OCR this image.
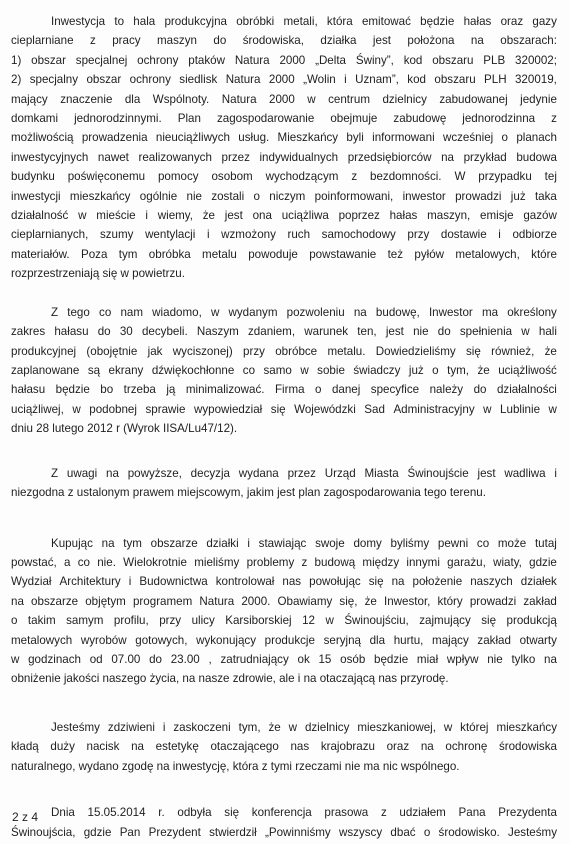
Inwestycja to hala produkcyjna obróbki metali, która emitować będzie hałas oraz gazy
cieplarniane z pracy maszyn do środowiska, działka jest położona na obszarach:
1) obszar specjalnej ochrony ptaków Natura 2000 „Delta Świny”, kod obszaru PLB 320002;
2) specjalny obszar ochrony siedlisk Natura 2000 „Wolin i Uznam”, kod obszaru PLH 320019,
mający znaczenie dla Wspólnoty. Natura 2000 w centrum dzielnicy zabudowanej jedynie
domkami jednorodzinnymi. Plan zagospodarowanie obejmuje zabudowę jednorodzinna z
możliwością prowadzenia nieuciążliwych usług. Mieszkańcy byli informowani wcześniej o planach
inwestycyjnych nawet realizowanych przez indywidualnych przedsiębiorców na przykład budowa
budynku poświęconemu pomocy osobom wychodzącym z bezdomności. W przypadku tej
inwestycji mieszkańcy ogólnie nie zostali o niczym poinformowani, inwestor prowadzi już taka
działalność w mieście i wiemy, że jest ona uciążliwa poprzez hałas maszyn, emisje gazów
cieplarnianych, szumy wentylacji i wzmożony ruch samochodowy przy dostawie i odbiorze
materiałów. Poza tym obróbka metalu powoduje powstawanie też pyłów metalowych, które
rozprzestrzeniają się w powietrzu.
Z tego co nam wiadomo, w wydanym pozwoleniu na budowę, Inwestor ma określony
zakres hałasu do 30 decybeli. Naszym zdaniem, warunek ten, jest nie do spełnienia w hali
produkcyjnej (obojętnie jak wyciszonej) przy obróbce metalu. Dowiedzieliśmy się również, że
zaplanowane są ekrany dźwiękochłonne co samo w sobie świadczy już o tym, że uciążliwość
hałasu będzie bo trzeba ją minimalizować. Firma o danej specyfice należy do działalności
uciążliwej, w podobnej sprawie wypowiedział się Wojewódzki Sad Administracyjny w Lublinie w
dniu 28 lutego 2012 r (Wyrok IISA/Lu47/12).
Z uwagi na powyższe, decyzja wydana przez Urząd Miasta Świnoujście jest wadliwa i
niezgodna z ustalonym prawem miejscowym, jakim jest plan zagospodarowania tego terenu.
Kupując na tym obszarze działki i stawiając swoje domy byliśmy pewni co może tutaj
powstać, a co nie. Wielokrotnie mieliśmy problemy z budową między innymi garażu, wiaty, gdzie
Wydział Architektury i Budownictwa kontrolował nas powołując się na położenie naszych działek
na obszarze objętym programem Natura 2000. Obawiamy się, że Inwestor, który prowadzi zakład
o takim samym profilu, przy ulicy Karsiborskiej 12 w Świnoujściu, zajmujący się produkcją
metalowych wyrobów gotowych, wykonujący produkcje seryjną dla hurtu, mający zakład otwarty
w godzinach od 07.00 do 23.00 , zatrudniający ok 15 osób będzie miał wpływ nie tylko na
obniżenie jakości naszego życia, na nasze zdrowie, ale i na otaczającą nas przyrodę.
Jesteśmy zdziwieni i zaskoczeni tym, że w dzielnicy mieszkaniowej, w której mieszkańcy
kładą duży nacisk na estetykę otaczającego nas krajobrazu oraz na ochronę środowiska
naturalnego, wydano zgodę na inwestycję, która z tymi rzeczami nie ma nic wspólnego.
Dnia 15.05.2014 r. odbyła się konferencja prasowa z udziałem Pana Prezydenta
Świnoujścia, gdzie Pan Prezydent stwierdził „Powinniśmy wszyscy dbać o środowisko. Jesteśmy
2 z 4
